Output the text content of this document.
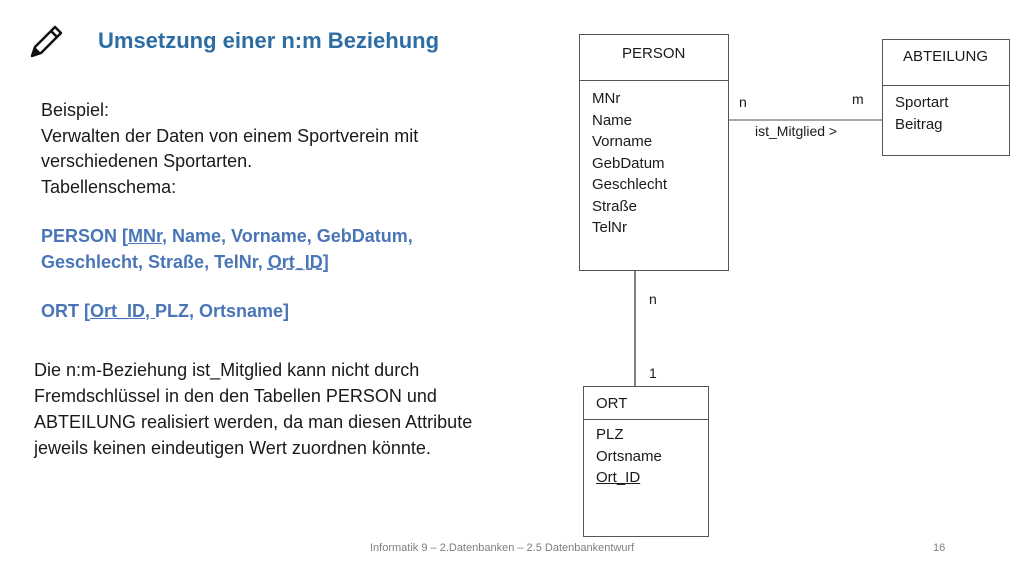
Umsetzung einer n:m Beziehung
Beispiel:
Verwalten der Daten von einem Sportverein mit
verschiedenen Sportarten.
Tabellenschema:
PERSON [MNr, Name, Vorname, GebDatum,
Geschlecht, Straße, TelNr, Ort_ID]
ORT [Ort_ID, PLZ, Ortsname]
Die n:m-Beziehung ist_Mitglied kann nicht durch
Fremdschlüssel in den den Tabellen PERSON und
ABTEILUNG realisiert werden, da man diesen Attribute
jeweils keinen eindeutigen Wert zuordnen könnte.
PERSON
MNr
Name
Vorname
GebDatum
Geschlecht
Straße
TelNr
ABTEILUNG
Sportart
Beitrag
ORT
PLZ
Ortsname
Ort_ID
n	m
ist_Mitglied >
n
1
Informatik 9 – 2.Datenbanken – 2.5 Datenbankentwurf	16
